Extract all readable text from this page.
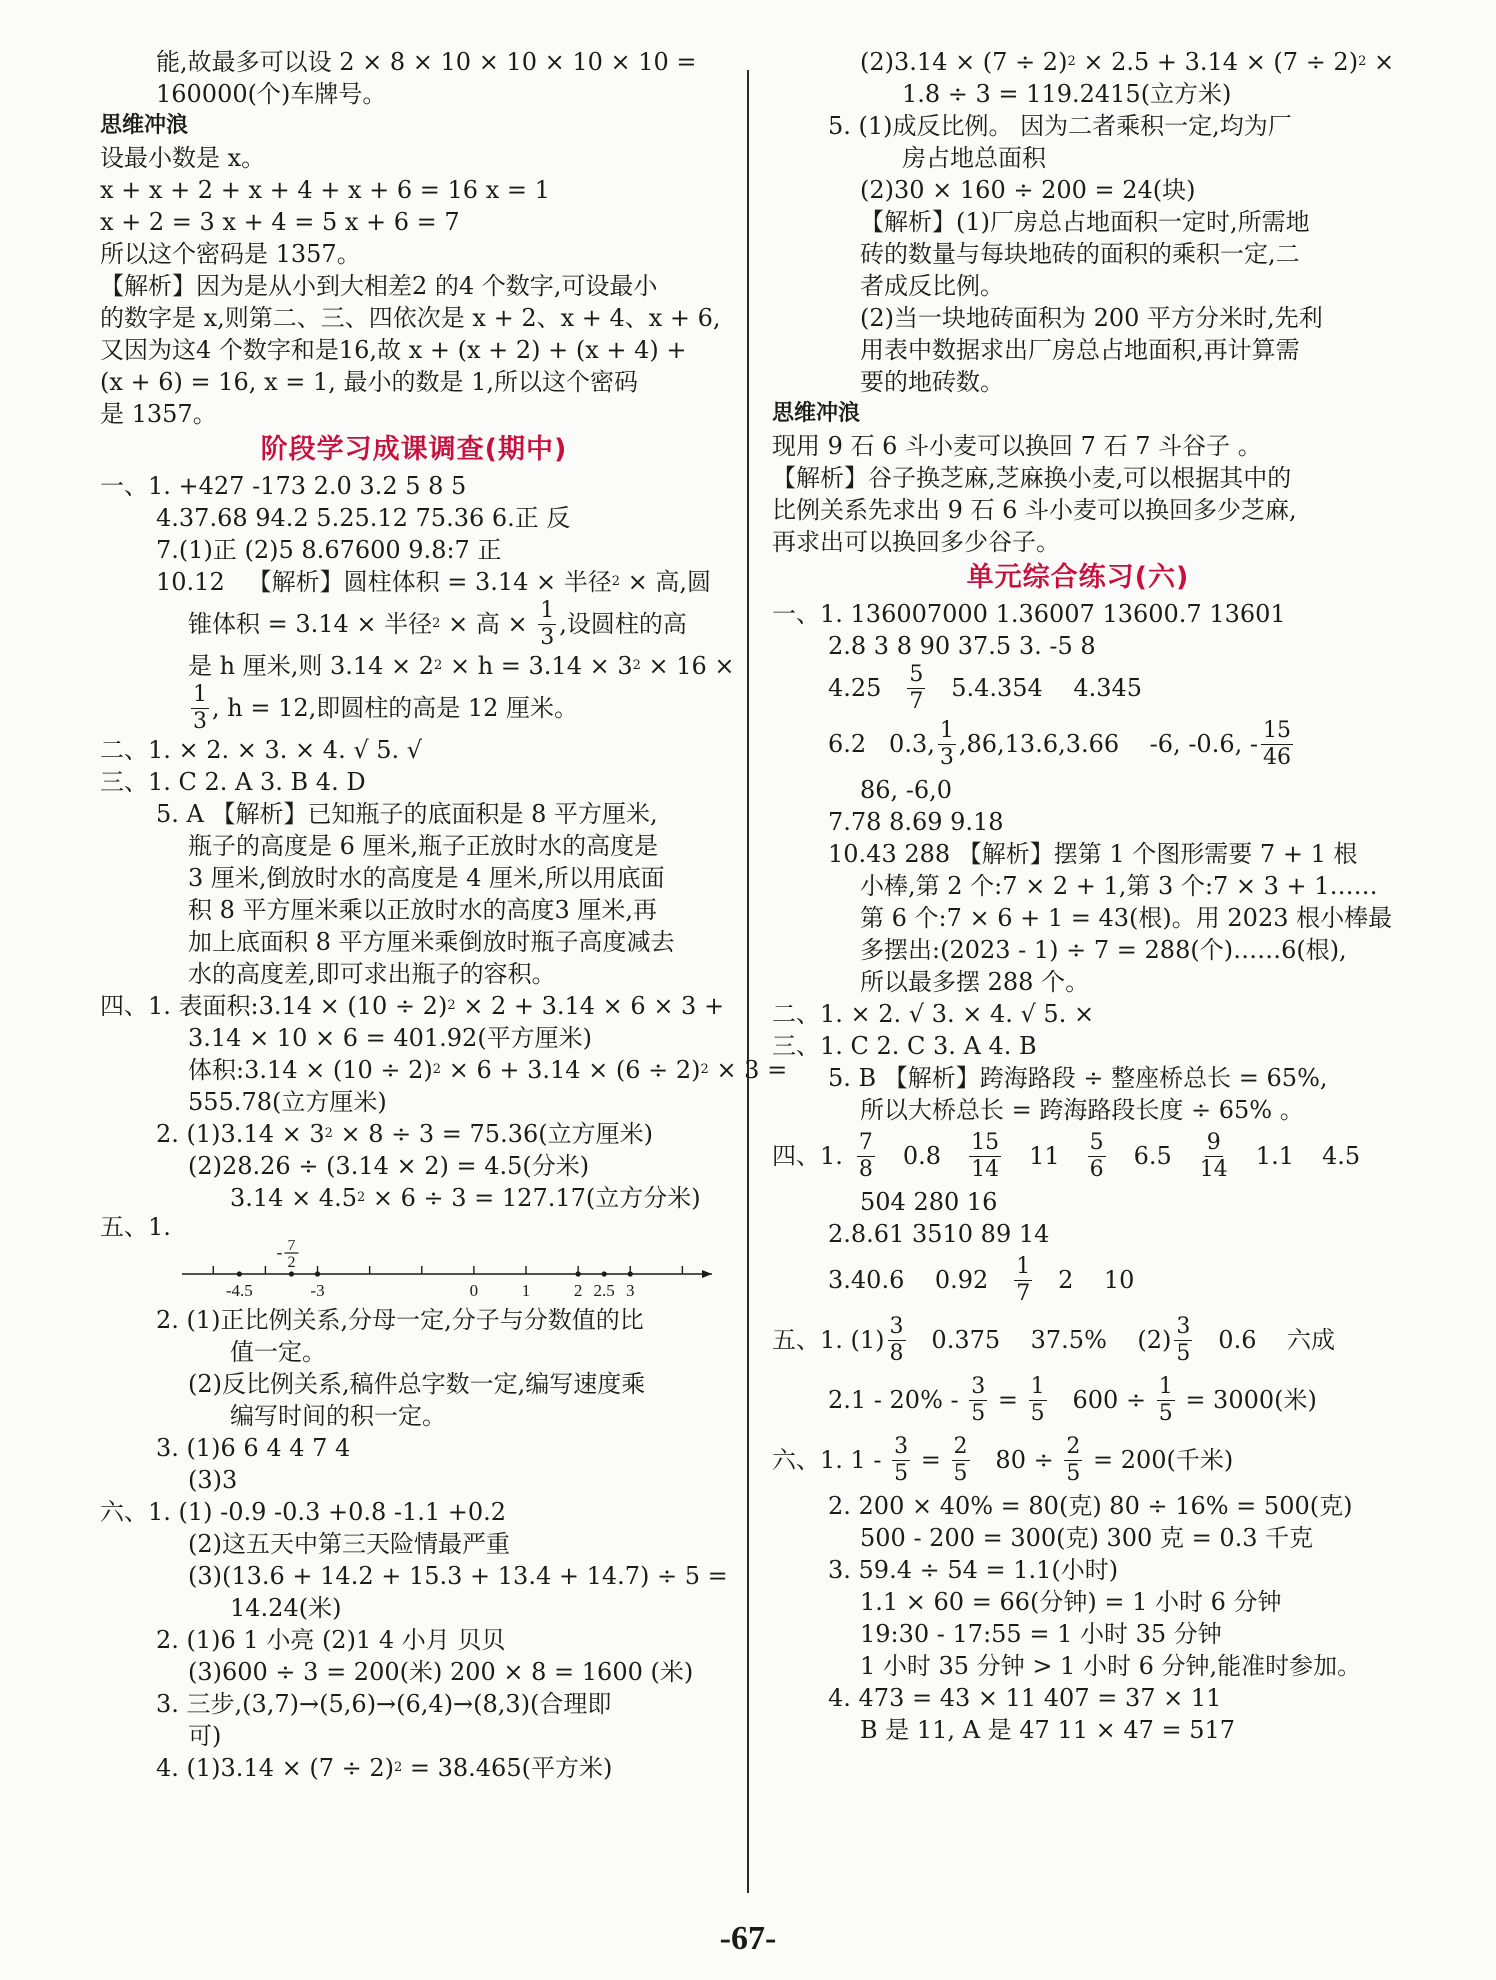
能,故最多可以设 2 × 8 × 10 × 10 × 10 × 10 =
160000(个)车牌号。
思维冲浪
设最小数是 x。
x + x + 2 + x + 4 + x + 6 = 16 x = 1
x + 2 = 3 x + 4 = 5 x + 6 = 7
所以这个密码是 1357。
【解析】因为是从小到大相差2 的4 个数字,可设最小
的数字是 x,则第二、三、四依次是 x + 2、x + 4、x + 6,
又因为这4 个数字和是16,故 x + (x + 2) + (x + 4) +
(x + 6) = 16, x = 1, 最小的数是 1,所以这个密码
是 1357。
阶段学习成课调查(期中)
一、1. +427 -173 2.0 3.2 5 8 5
4.37.68 94.2 5.25.12 75.36 6.正 反
7.(1)正 (2)5 8.67600 9.8:7 正
10.12   【解析】圆柱体积 = 3.14 × 半径 2 × 高,圆
锥体积 = 3.14 × 半径 2 × 高 × $\frac{1}{3}$ ,设圆柱的高
是 h 厘米,则 3.14 × 2 2 × h = 3.14 × 3 2 × 16 ×
$\frac{1}{3}$ , h = 12,即圆柱的高是 12 厘米。
二、1. × 2. × 3. × 4. √ 5. √
三、1. C 2. A 3. B 4. D
5. A 【解析】已知瓶子的底面积是 8 平方厘米,
瓶子的高度是 6 厘米,瓶子正放时水的高度是
3 厘米,倒放时水的高度是 4 厘米,所以用底面
积 8 平方厘米乘以正放时水的高度3 厘米,再
加上底面积 8 平方厘米乘倒放时瓶子高度减去
水的高度差,即可求出瓶子的容积。
四、1. 表面积:3.14 × (10 ÷ 2) 2 × 2 + 3.14 × 6 × 3 +
3.14 × 10 × 6 = 401.92(平方厘米)
体积:3.14 × (10 ÷ 2) 2 × 6 + 3.14 × (6 ÷ 2) 2 × 3 =
555.78(立方厘米)
2. (1)3.14 × 3 2 × 8 ÷ 3 = 75.36(立方厘米)
(2)28.26 ÷ (3.14 × 2) = 4.5(分米)
3.14 × 4.5 2 × 6 ÷ 3 = 127.17(立方分米)
五、1.
-4.5	-3	0	1	2 2.5 3
- 7
2
2. (1)正比例关系,分母一定,分子与分数值的比
值一定。
(2)反比例关系,稿件总字数一定,编写速度乘
编写时间的积一定。
3. (1)6 6 4 4 7 4
(3)3
六、1. (1) -0.9 -0.3 +0.8 -1.1 +0.2
(2)这五天中第三天险情最严重
(3)(13.6 + 14.2 + 15.3 + 13.4 + 14.7) ÷ 5 =
14.24(米)
2. (1)6 1 小亮 (2)1 4 小月 贝贝
(3)600 ÷ 3 = 200(米) 200 × 8 = 1600 (米)
3. 三步,(3,7)→(5,6)→(6,4)→(8,3)(合理即
可)
4. (1)3.14 × (7 ÷ 2) 2 = 38.465(平方米)
(2)3.14 × (7 ÷ 2) 2 × 2.5 + 3.14 × (7 ÷ 2) 2 ×
1.8 ÷ 3 = 119.2415(立方米)
5. (1)成反比例。 因为二者乘积一定,均为厂
房占地总面积
(2)30 × 160 ÷ 200 = 24(块)
【解析】(1)厂房总占地面积一定时,所需地
砖的数量与每块地砖的面积的乘积一定,二
者成反比例。
(2)当一块地砖面积为 200 平方分米时,先利
用表中数据求出厂房总占地面积,再计算需
要的地砖数。
思维冲浪
现用 9 石 6 斗小麦可以换回 7 石 7 斗谷子 。
【解析】谷子换芝麻,芝麻换小麦,可以根据其中的
比例关系先求出 9 石 6 斗小麦可以换回多少芝麻,
再求出可以换回多少谷子。
单元综合练习(六)
一、1. 136007000 1.36007 13600.7 13601
2.8 3 8 90 37.5 3. -5 8
$4.25 \frac{5}{7} 5.4.354$    4.345
6.2   0.3, $\frac{1}{3} ,86,13.6,3.66$    -6, -0.6, - $\frac{15}{46}$
86, -6,0
7.78 8.69 9.18
10.43 288 【解析】摆第 1 个图形需要 7 + 1 根
小棒,第 2 个:7 × 2 + 1,第 3 个:7 × 3 + 1……
第 6 个:7 × 6 + 1 = 43(根)。用 2023 根小棒最
多摆出:(2023 - 1) ÷ 7 = 288(个)……6(根),
所以最多摆 288 个。
二、1. × 2. √ 3. × 4. √ 5. ×
三、1. C 2. C 3. A 4. B
5. B 【解析】跨海路段 ÷ 整座桥总长 = 65%,
所以大桥总长 = 跨海路段长度 ÷ 65% 。
四、1. $\frac{7}{8} 0.8 \frac{15}{14} 11 \frac{5}{6} 6.5 \frac{9}{14} 1.1$ 4.5
504 280 16
2.8.61 3510 89 14
3.40.6    $0.92 \frac{1}{7} 2$    10
五、1. $(1) \frac{3}{8} 0.375$    37.5%    $(2) \frac{3}{5} 0.6$    六成
$2.1 - 20\% - \frac{3}{5} = \frac{1}{5} 600 \div \frac{1}{5} = 3000$(米)
六、1. $1 - \frac{3}{5} = \frac{2}{5} 80 \div \frac{2}{5} = 200$(千米)
2. 200 × 40% = 80(克) 80 ÷ 16% = 500(克)
500 - 200 = 300(克) 300 克 = 0.3 千克
3. 59.4 ÷ 54 = 1.1(小时)
1.1 × 60 = 66(分钟) = 1 小时 6 分钟
19:30 - 17:55 = 1 小时 35 分钟
1 小时 35 分钟 > 1 小时 6 分钟,能准时参加。
4. 473 = 43 × 11 407 = 37 × 11
B 是 11, A 是 47 11 × 47 = 517
-67-
